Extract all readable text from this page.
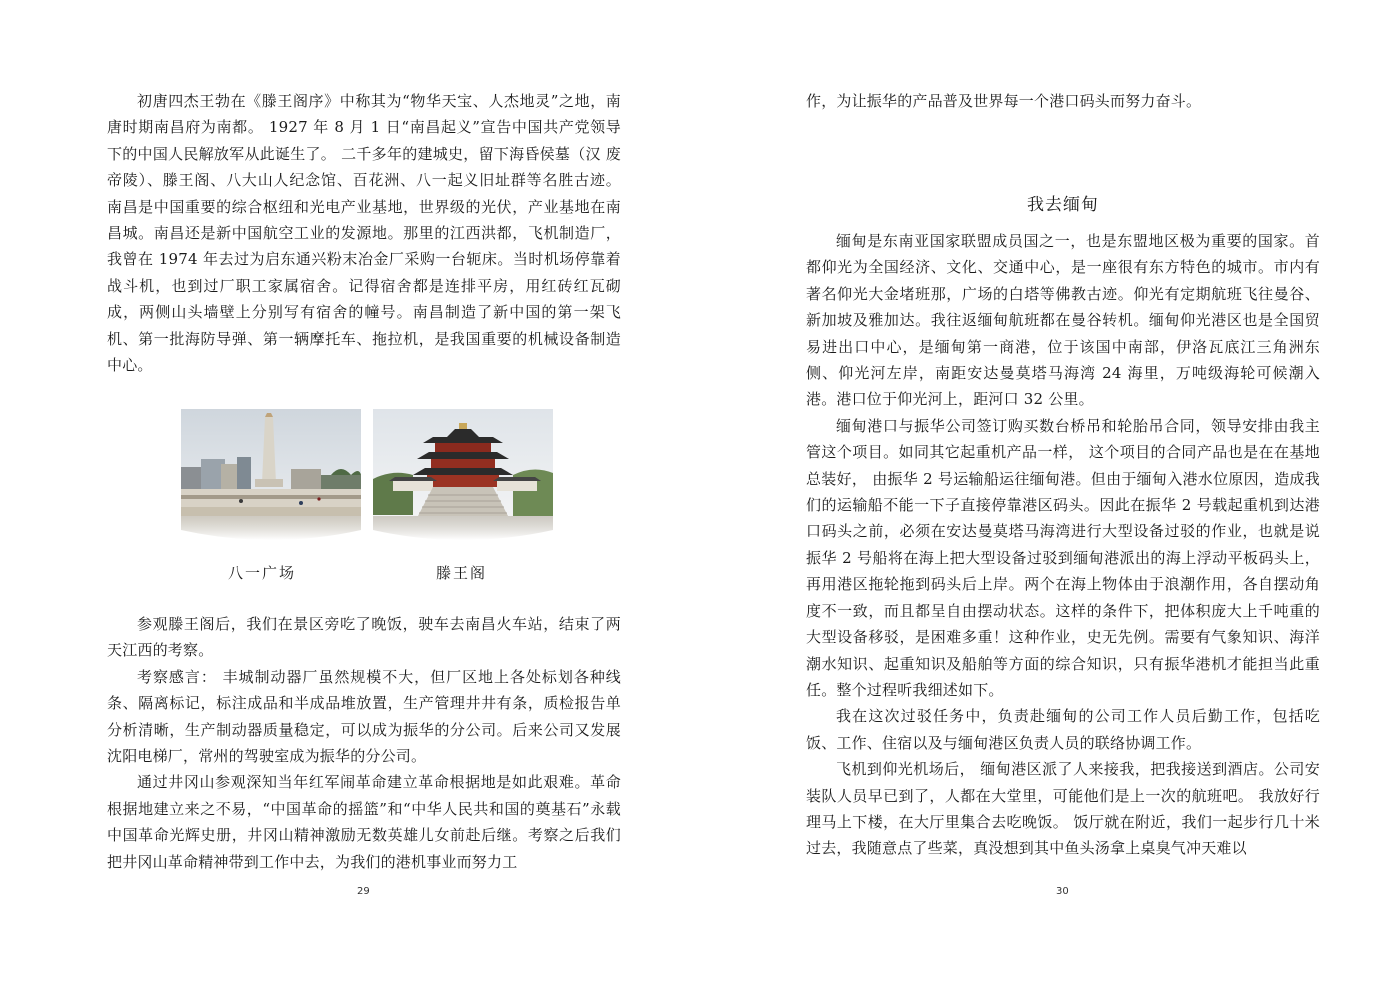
初唐四杰王勃在《滕王阁序》中称其为“物华天宝、人杰地灵”之地，南唐时期南昌府为南都。 1927 年 8 月 1 日“南昌起义”宣告中国共产党领导下的中国人民解放军从此诞生了。 二千多年的建城史，留下海昏侯墓（汉 废帝陵）、滕王阁、八大山人纪念馆、百花洲、八一起义旧址群等名胜古迹。 南昌是中国重要的综合枢纽和光电产业基地，世界级的光伏，产业基地在南昌城。南昌还是新中国航空工业的发源地。那里的江西洪都，飞机制造厂，我曾在 1974 年去过为启东通兴粉末冶金厂采购一台轭床。当时机场停靠着战斗机，也到过厂职工家属宿舍。记得宿舍都是连排平房，用红砖红瓦砌成，两侧山头墙壁上分别写有宿舍的幢号。南昌制造了新中国的第一架飞机、第一批海防导弹、第一辆摩托车、拖拉机，是我国重要的机械设备制造中心。

八一广场	滕王阁

参观滕王阁后，我们在景区旁吃了晚饭，驶车去南昌火车站，结束了两天江西的考察。

考察感言： 丰城制动器厂虽然规模不大，但厂区地上各处标划各种线条、隔离标记，标注成品和半成品堆放置，生产管理井井有条，质检报告单分析清晰，生产制动器质量稳定，可以成为振华的分公司。后来公司又发展沈阳电梯厂，常州的驾驶室成为振华的分公司。

通过井冈山参观深知当年红军闹革命建立革命根据地是如此艰难。革命根据地建立来之不易，“中国革命的摇篮”和“中华人民共和国的奠基石”永载中国革命光辉史册，井冈山精神激励无数英雄儿女前赴后继。考察之后我们把井冈山革命精神带到工作中去，为我们的港机事业而努力工

29

作，为让振华的产品普及世界每一个港口码头而努力奋斗。

我去缅甸

缅甸是东南亚国家联盟成员国之一，也是东盟地区极为重要的国家。首都仰光为全国经济、文化、交通中心，是一座很有东方特色的城市。市内有著名仰光大金堵班那，广场的白塔等佛教古迹。仰光有定期航班飞往曼谷、新加坡及雅加达。我往返缅甸航班都在曼谷转机。缅甸仰光港区也是全国贸易进出口中心，是缅甸第一商港，位于该国中南部，伊洛瓦底江三角洲东侧、仰光河左岸，南距安达曼莫塔马海湾 24 海里，万吨级海轮可候潮入港。港口位于仰光河上，距河口 32 公里。

缅甸港口与振华公司签订购买数台桥吊和轮胎吊合同，领导安排由我主管这个项目。如同其它起重机产品一样， 这个项目的合同产品也是在在基地总装好， 由振华 2 号运输船运往缅甸港。但由于缅甸入港水位原因，造成我们的运输船不能一下子直接停靠港区码头。因此在振华 2 号载起重机到达港口码头之前，必须在安达曼莫塔马海湾进行大型设备过驳的作业，也就是说振华 2 号船将在海上把大型设备过驳到缅甸港派出的海上浮动平板码头上，再用港区拖轮拖到码头后上岸。两个在海上物体由于浪潮作用，各自摆动角度不一致，而且都呈自由摆动状态。这样的条件下，把体积庞大上千吨重的大型设备移驳，是困难多重！这种作业，史无先例。需要有气象知识、海洋潮水知识、起重知识及船舶等方面的综合知识，只有振华港机才能担当此重任。整个过程听我细述如下。

我在这次过驳任务中，负责赴缅甸的公司工作人员后勤工作，包括吃饭、工作、住宿以及与缅甸港区负责人员的联络协调工作。

飞机到仰光机场后， 缅甸港区派了人来接我，把我接送到酒店。公司安装队人员早已到了，人都在大堂里，可能他们是上一次的航班吧。 我放好行理马上下楼，在大厅里集合去吃晚饭。 饭厅就在附近，我们一起步行几十米过去，我随意点了些菜，真没想到其中鱼头汤拿上桌臭气冲天难以

30
